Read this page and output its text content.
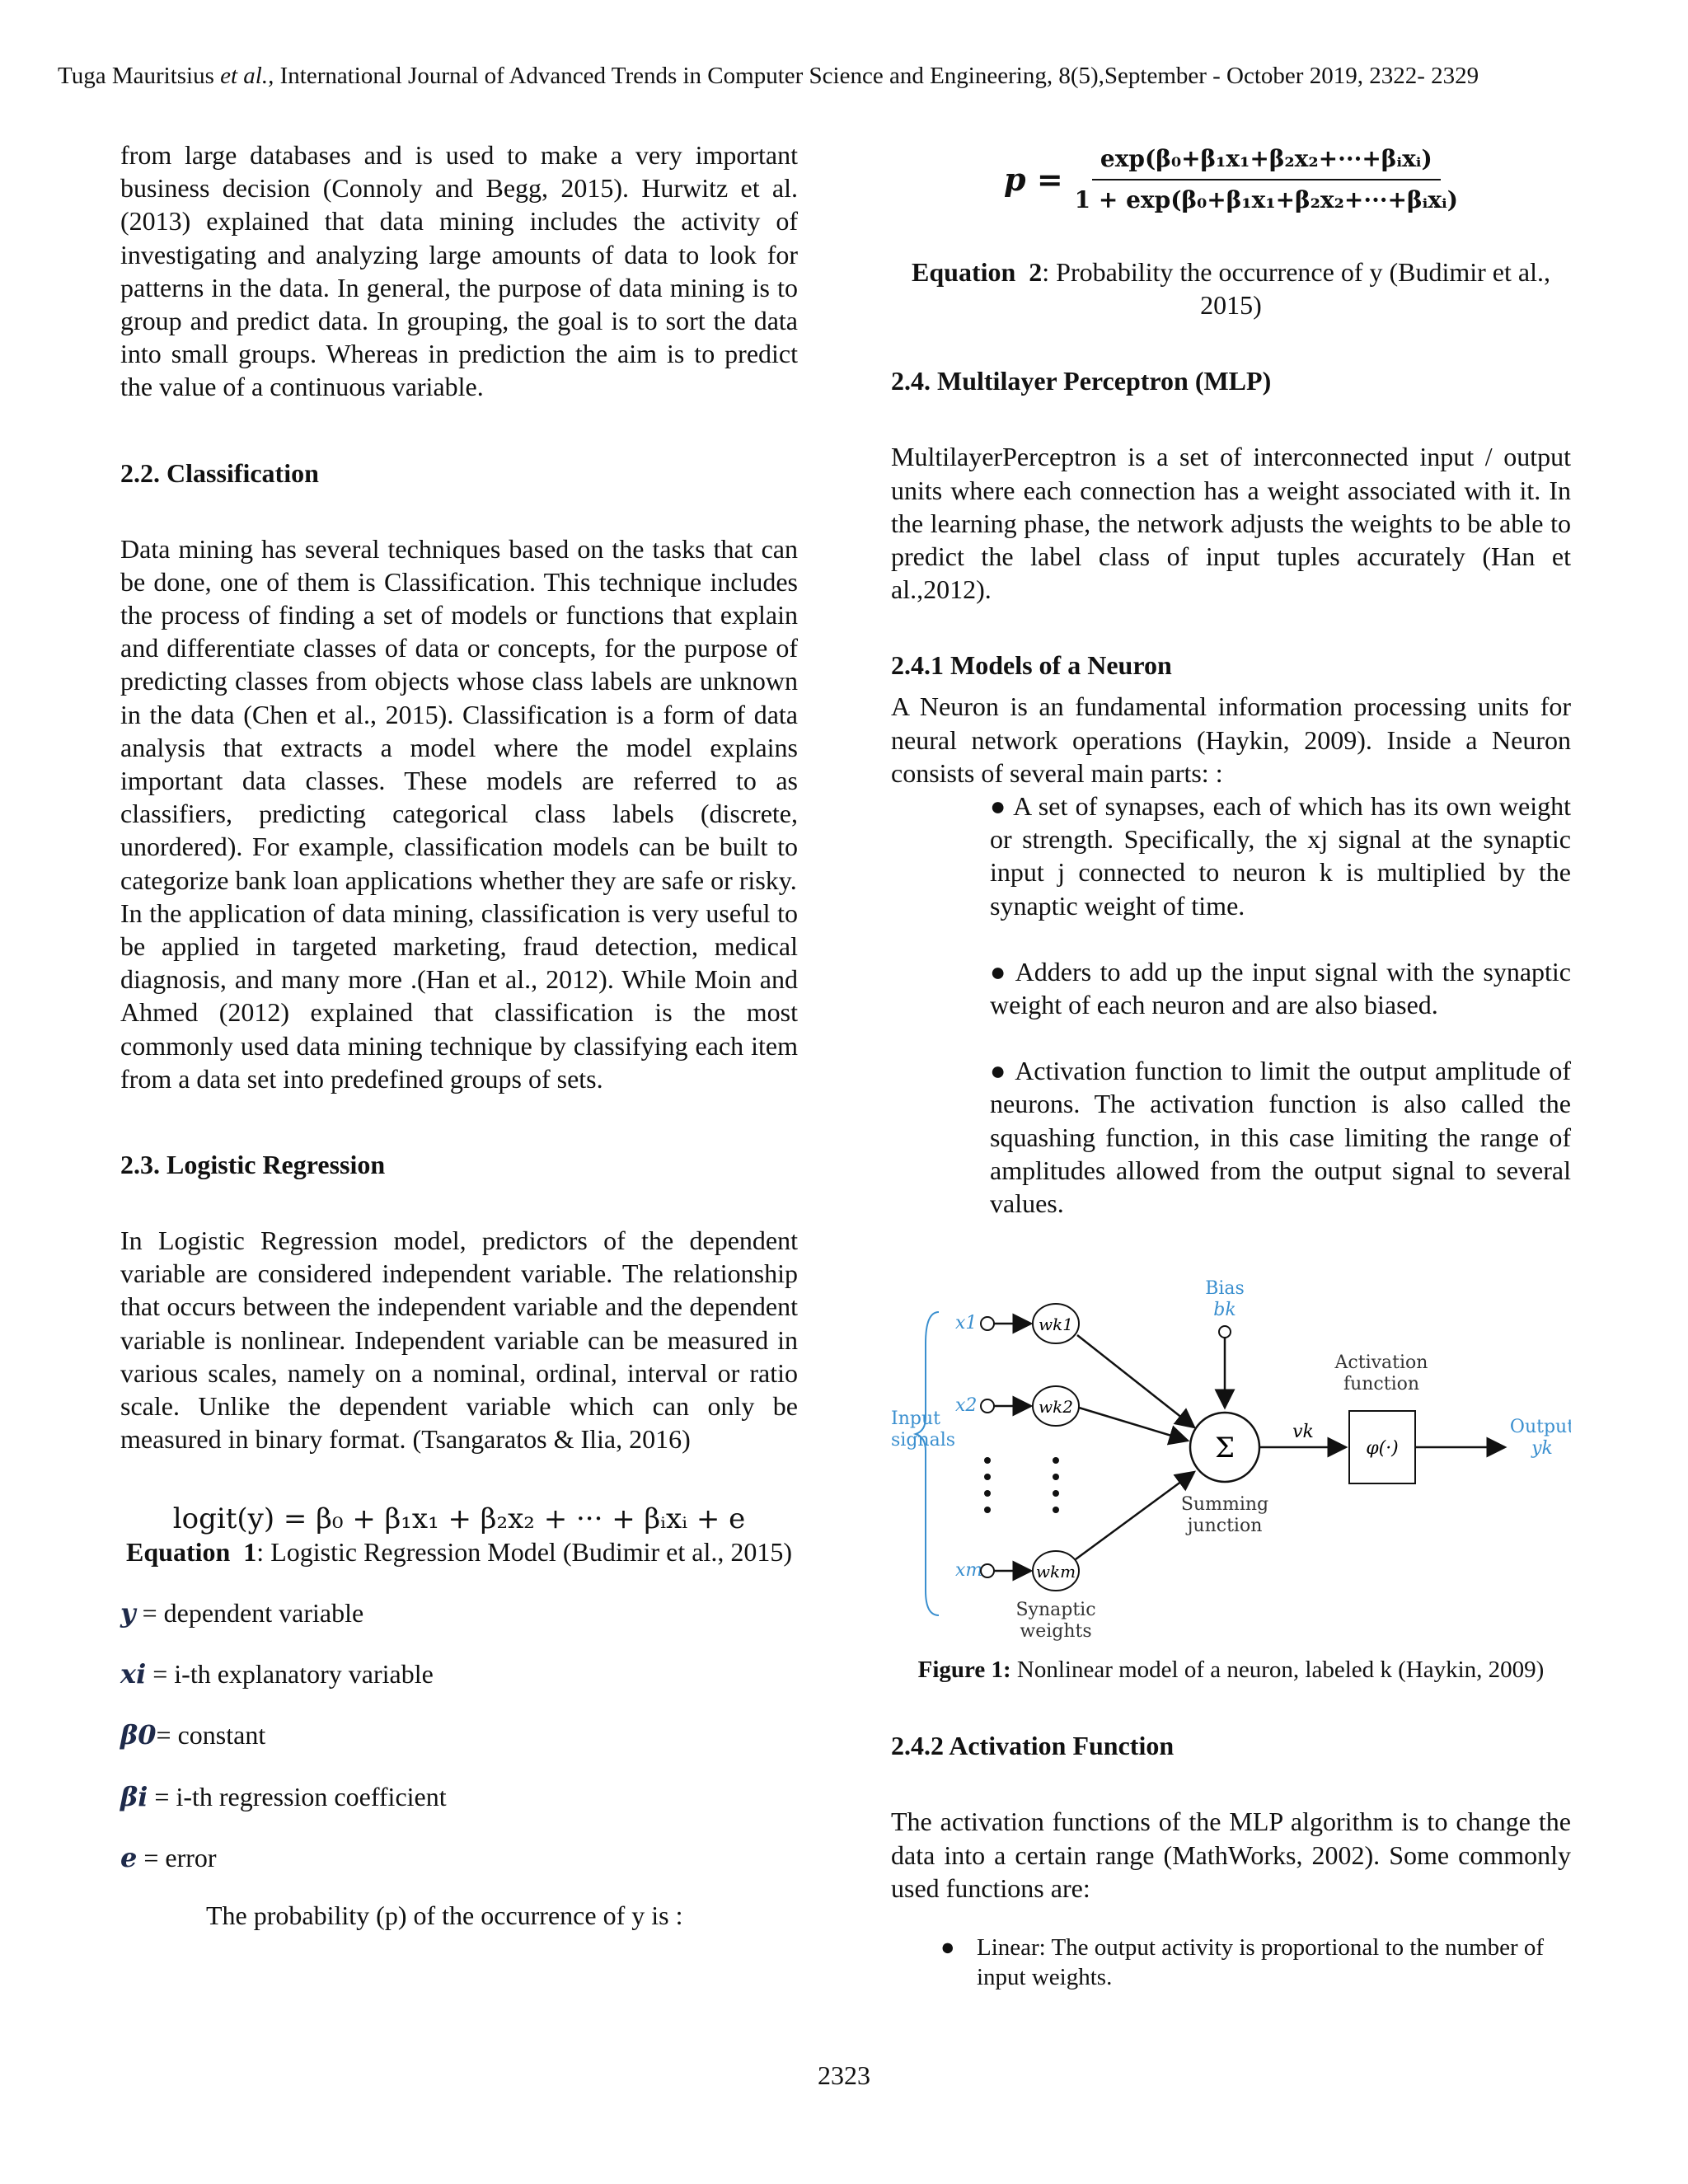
Tuga Mauritsius et al., International Journal of Advanced Trends in Computer Science and Engineering, 8(5),September - October 2019, 2322- 2329

from large databases and is used to make a very important business decision (Connoly and Begg, 2015). Hurwitz et al. (2013) explained that data mining includes the activity of investigating and analyzing large amounts of data to look for patterns in the data. In general, the purpose of data mining is to group and predict data. In grouping, the goal is to sort the data into small groups. Whereas in prediction the aim is to predict the value of a continuous variable.

2.2. Classification

Data mining has several techniques based on the tasks that can be done, one of them is Classification. This technique includes the process of finding a set of models or functions that explain and differentiate classes of data or concepts, for the purpose of predicting classes from objects whose class labels are unknown in the data (Chen et al., 2015). Classification is a form of data analysis that extracts a model where the model explains important data classes. These models are referred to as classifiers, predicting categorical class labels (discrete, unordered). For example, classification models can be built to categorize bank loan applications whether they are safe or risky.

In the application of data mining, classification is very useful to be applied in targeted marketing, fraud detection, medical diagnosis, and many more .(Han et al., 2012). While Moin and Ahmed (2012) explained that classification is the most commonly used data mining technique by classifying each item from a data set into predefined groups of sets.

2.3. Logistic Regression

In Logistic Regression model, predictors of the dependent variable are considered independent variable. The relationship that occurs between the independent variable and the dependent variable is nonlinear. Independent variable can be measured in various scales, namely on a nominal, ordinal, interval or ratio scale. Unlike the dependent variable which can only be measured in binary format. (Tsangaratos & Ilia, 2016)

logit(y) = β₀ + β₁x₁ + β₂x₂ + ··· + βᵢxᵢ + e
Equation 1: Logistic Regression Model (Budimir et al., 2015)
y = dependent variable
xi = i-th explanatory variable
β0= constant
βi = i-th regression coefficient
e = error
The probability (p) of the occurrence of y is :
p =
exp(β₀+β₁x₁+β₂x₂+···+βᵢxᵢ)
1 + exp(β₀+β₁x₁+β₂x₂+···+βᵢxᵢ)
Equation 2: Probability the occurrence of y (Budimir et al., 2015)
2.4. Multilayer Perceptron (MLP)

MultilayerPerceptron is a set of interconnected input / output units where each connection has a weight associated with it. In the learning phase, the network adjusts the weights to be able to predict the label class of input tuples accurately (Han et al.,2012).

2.4.1 Models of a Neuron

A Neuron is an fundamental information processing units for neural network operations (Haykin, 2009). Inside a Neuron consists of several main parts: :

● A set of synapses, each of which has its own weight or strength. Specifically, the xj signal at the synaptic input j connected to neuron k is multiplied by the synaptic weight of time.
● Adders to add up the input signal with the synaptic weight of each neuron and are also biased.
● Activation function to limit the output amplitude of neurons. The activation function is also called the squashing function, in this case limiting the range of amplitudes allowed from the output signal to several values.
Bias
bk
Input
signals
x1	wk1
x2	wk2
xm	wkm
Synaptic
weights
Σ
Summing
junction
vk
Activation
function
φ(·)
Output
yk
Figure 1: Nonlinear model of a neuron, labeled k (Haykin, 2009)
2.4.2 Activation Function

The activation functions of the MLP algorithm is to change the data into a certain range (MathWorks, 2002). Some commonly used functions are:

● Linear: The output activity is proportional to the number of input weights.
2323
